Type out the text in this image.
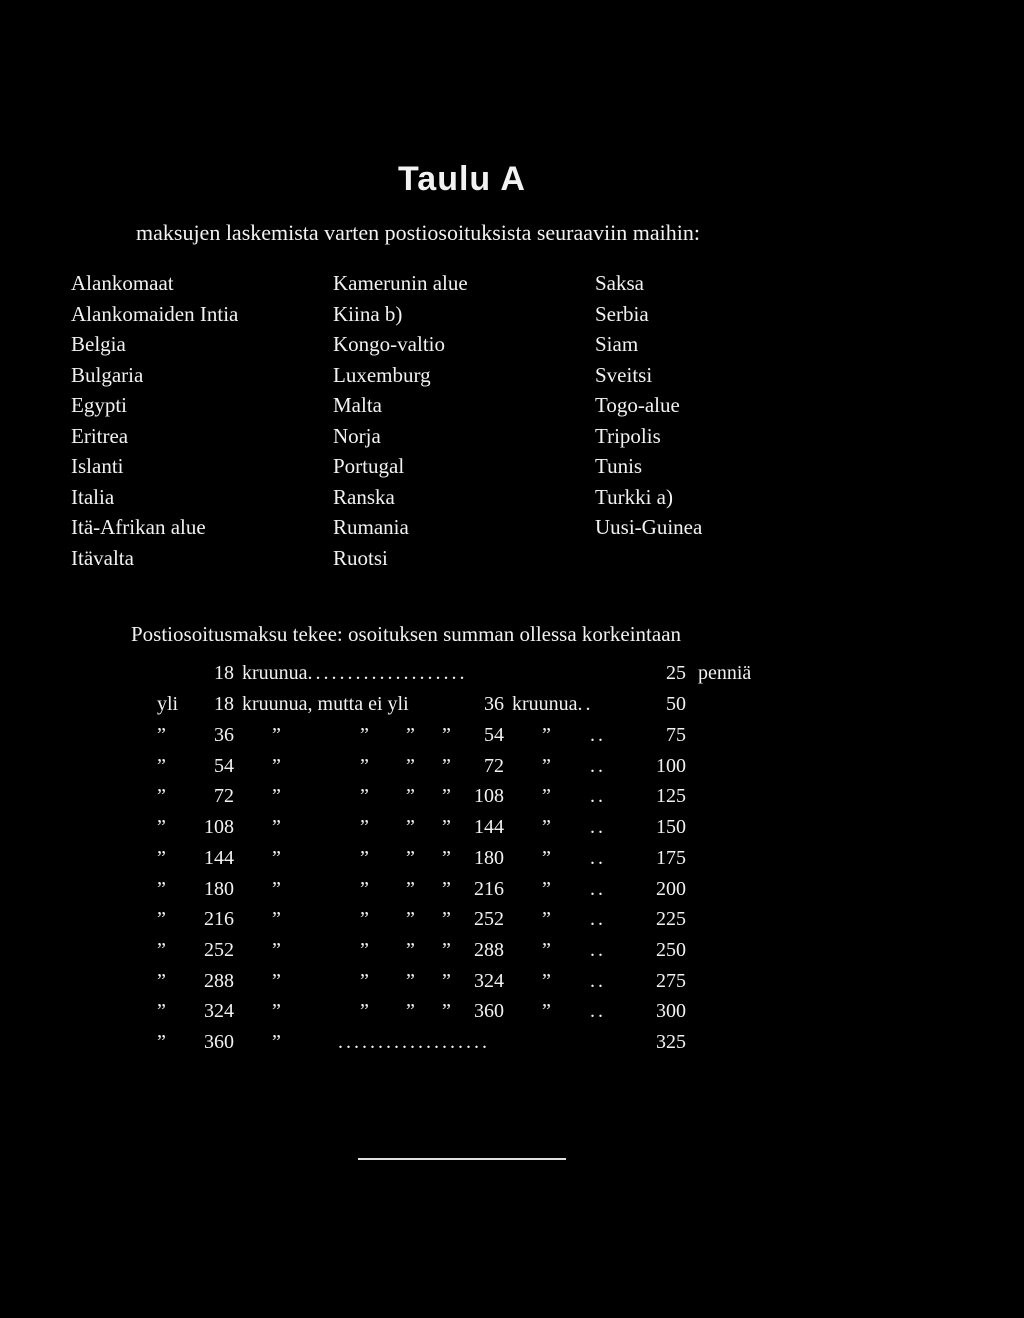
Taulu A
maksujen laskemista varten postiosoituksista seuraaviin maihin:
Alankomaat
Alankomaiden Intia
Belgia
Bulgaria
Egypti
Eritrea
Islanti
Italia
Itä-Afrikan alue
Itävalta
Kamerunin alue
Kiina b)
Kongo-valtio
Luxemburg
Malta
Norja
Portugal
Ranska
Rumania
Ruotsi
Saksa
Serbia
Siam
Sveitsi
Togo-alue
Tripolis
Tunis
Turkki a)
Uusi-Guinea
Postiosoitusmaksu tekee: osoituksen summan ollessa korkeintaan
18 kruunua....................	25 penniä
yli 18 kruunua, mutta ei yli	36 kruunua..	50
” 36 ”	” ” ” 54 ” ..	75
” 54 ”	” ” ” 72 ” ..	100
” 72 ”	” ” ” 108 ” ..	125
” 108 ”	” ” ” 144 ” ..	150
” 144 ”	” ” ” 180 ” ..	175
” 180 ”	” ” ” 216 ” ..	200
” 216 ”	” ” ” 252 ” ..	225
” 252 ”	” ” ” 288 ” ..	250
” 288 ”	” ” ” 324 ” ..	275
” 324 ”	” ” ” 360 ” ..	300
” 360 ”	...................	325
